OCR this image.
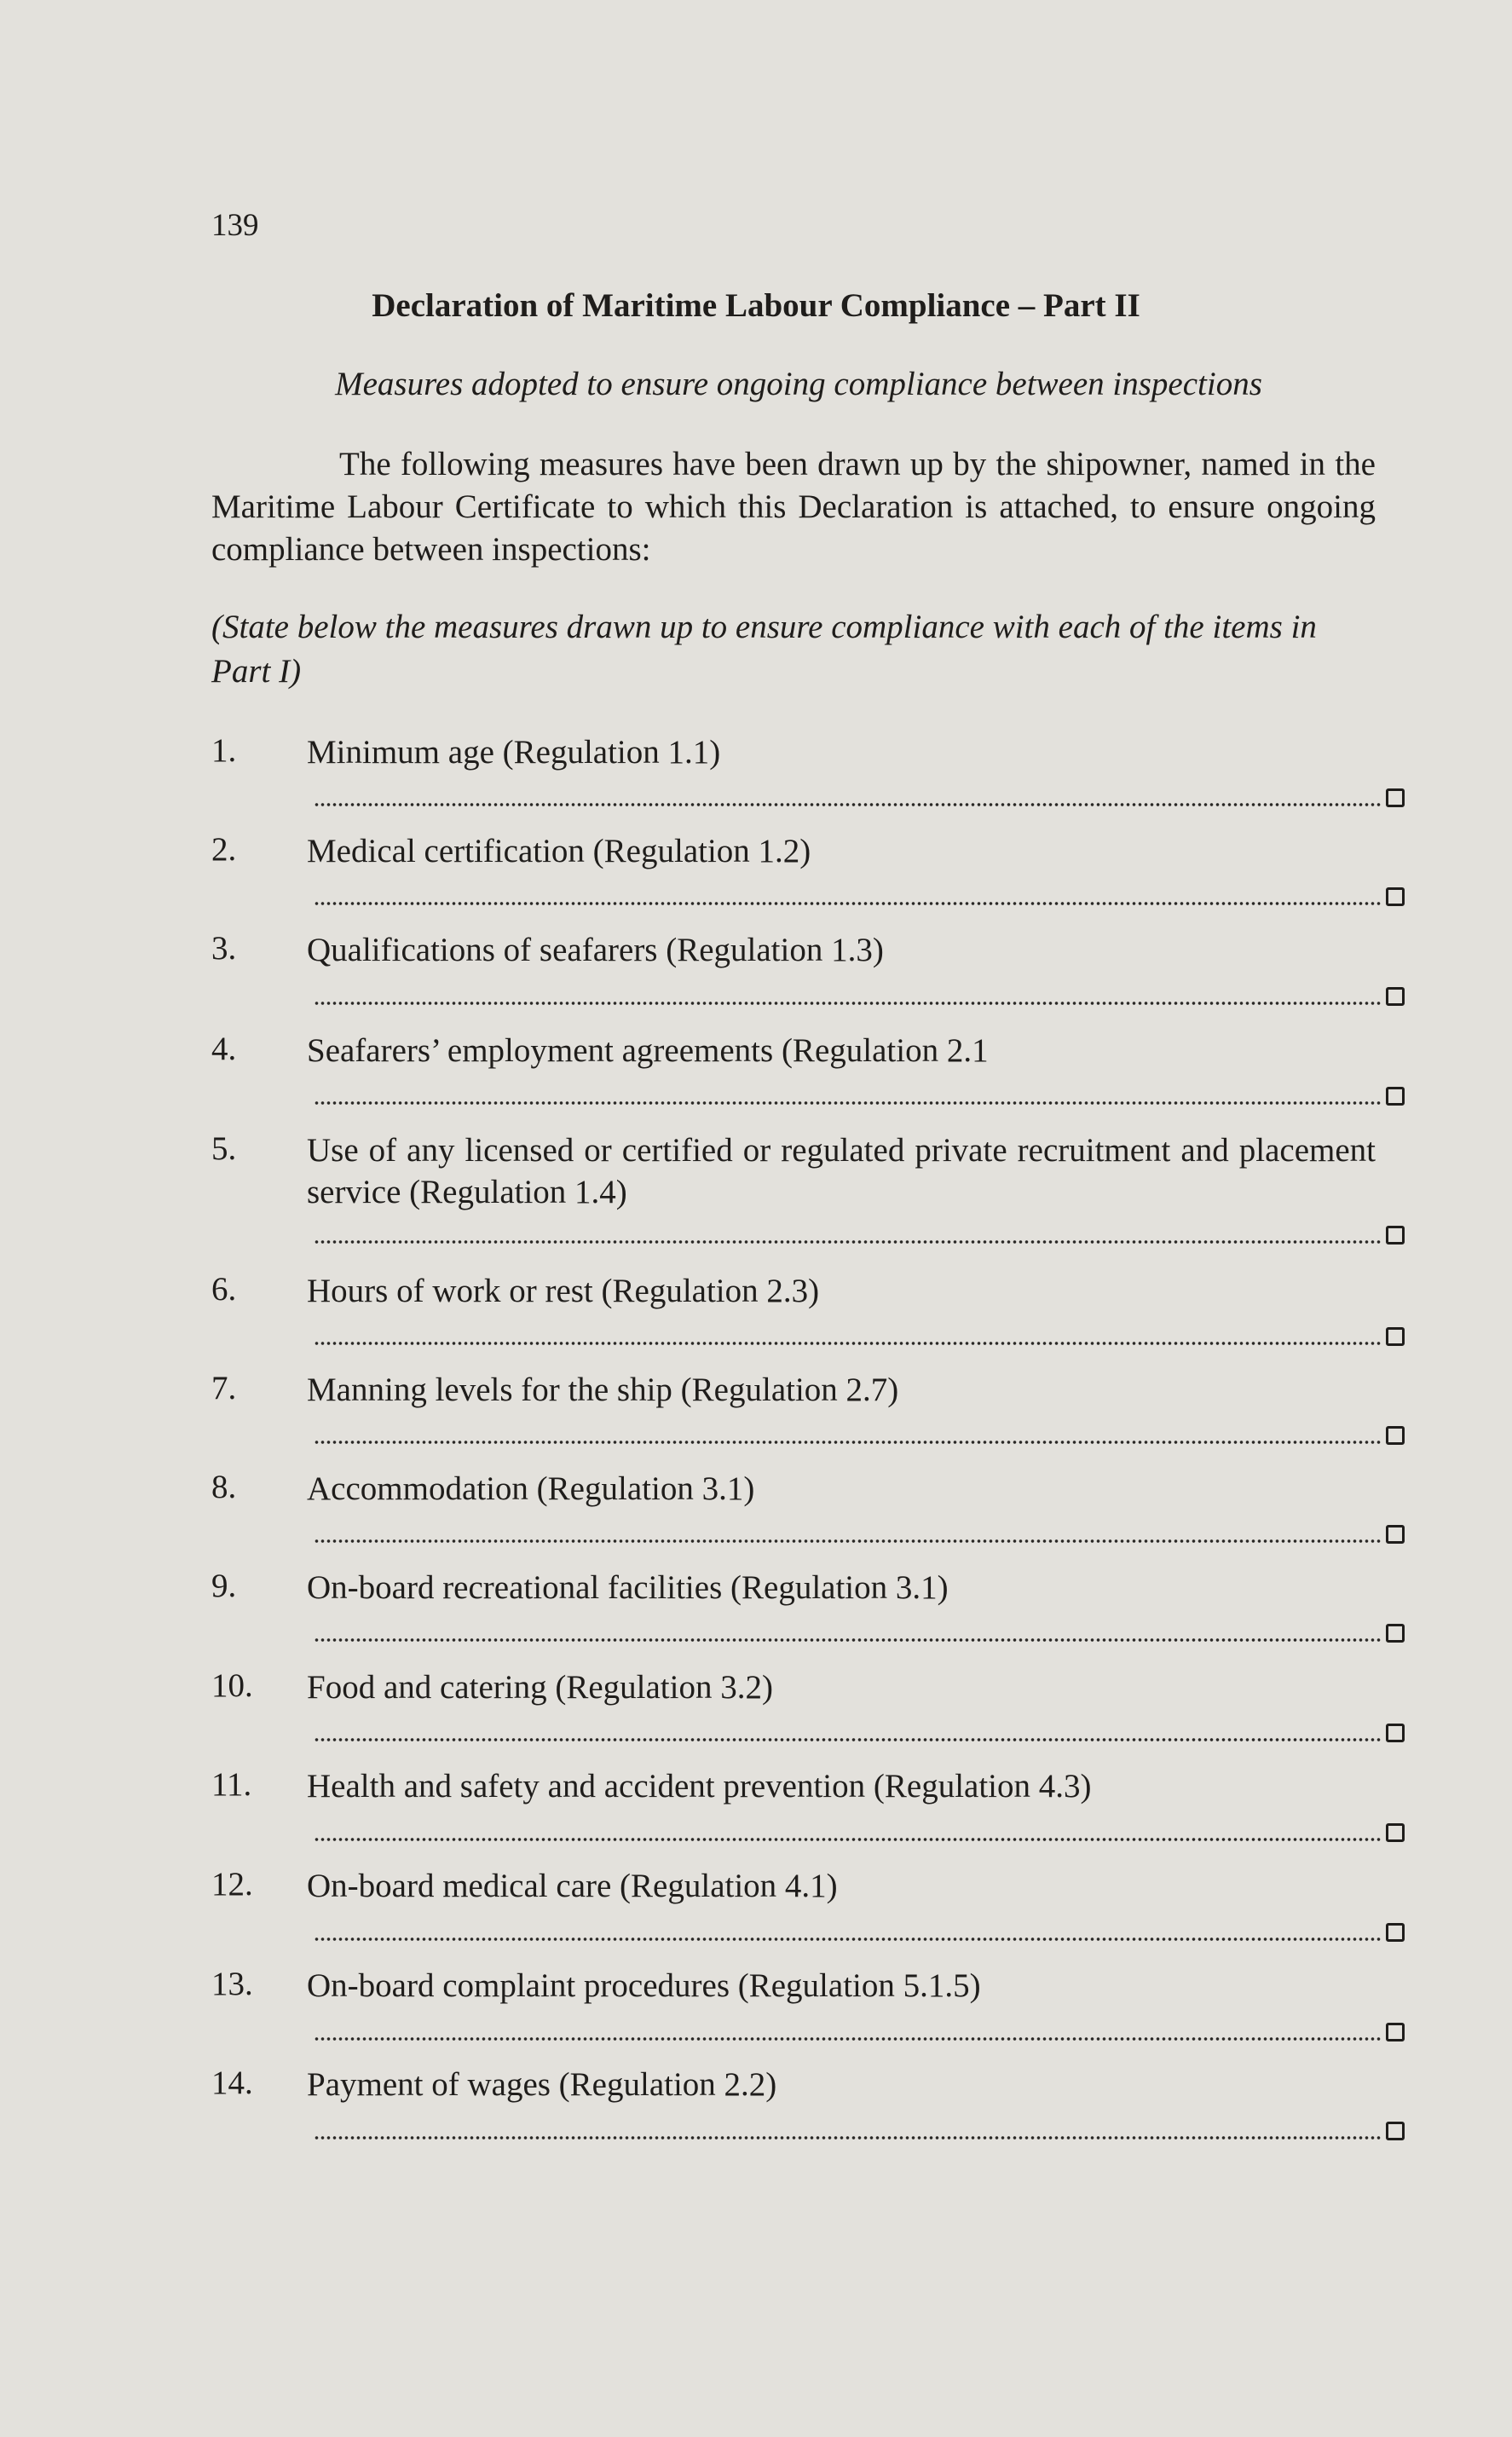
139
Declaration of Maritime Labour Compliance – Part II
Measures adopted to ensure ongoing compliance between inspections
The following measures have been drawn up by the shipowner, named in the Maritime Labour Certificate to which this Declaration is attached, to ensure ongoing compliance between inspections:
(State below the measures drawn up to ensure compliance with each of the items in Part I)
1. Minimum age (Regulation 1.1)
2. Medical certification (Regulation 1.2)
3. Qualifications of seafarers (Regulation 1.3)
4. Seafarers’ employment agreements (Regulation 2.1
5. Use of any licensed or certified or regulated private recruitment and placement service (Regulation 1.4)
6. Hours of work or rest (Regulation 2.3)
7. Manning levels for the ship (Regulation 2.7)
8. Accommodation (Regulation 3.1)
9. On-board recreational facilities (Regulation 3.1)
10. Food and catering (Regulation 3.2)
11. Health and safety and accident prevention (Regulation 4.3)
12. On-board medical care (Regulation 4.1)
13. On-board complaint procedures (Regulation 5.1.5)
14. Payment of wages (Regulation 2.2)
